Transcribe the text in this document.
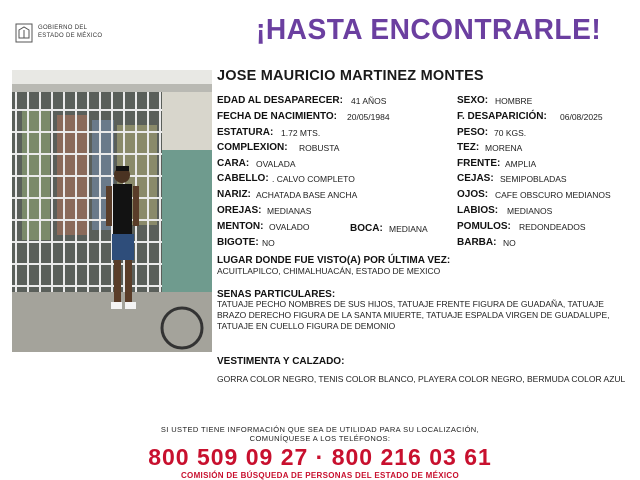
GOBIERNO DEL
ESTADO DE MÉXICO	¡HASTA ENCONTRARLE!
JOSE MAURICIO MARTINEZ MONTES
EDAD AL DESAPARECER: 41 AÑOS
FECHA DE NACIMIENTO: 20/05/1984
ESTATURA: 1.72 MTS.
COMPLEXION: ROBUSTA
CARA: OVALADA
CABELLO: . CALVO COMPLETO
NARIZ: ACHATADA BASE ANCHA
OREJAS: MEDIANAS
MENTON: OVALADO	BOCA: MEDIANA
BIGOTE: NO
SEXO: HOMBRE
F. DESAPARICIÓN: 06/08/2025
PESO: 70 KGS.
TEZ: MORENA
FRENTE: AMPLIA
CEJAS: SEMIPOBLADAS
OJOS: CAFE OBSCURO MEDIANOS
LABIOS: MEDIANOS
POMULOS: REDONDEADOS
BARBA: NO
LUGAR DONDE FUE VISTO(A) POR ÚLTIMA VEZ:
ACUITLAPILCO, CHIMALHUACÁN, ESTADO DE MEXICO
SENAS PARTICULARES:
TATUAJE PECHO NOMBRES DE SUS HIJOS, TATUAJE FRENTE FIGURA DE GUADAÑA, TATUAJE BRAZO DERECHO FIGURA DE LA SANTA MIUERTE, TATUAJE ESPALDA VIRGEN DE GUADALUPE, TATUAJE EN CUELLO FIGURA DE DEMONIO
VESTIMENTA Y CALZADO:
GORRA COLOR NEGRO, TENIS COLOR BLANCO, PLAYERA COLOR NEGRO, BERMUDA COLOR AZUL
SI USTED TIENE INFORMACIÓN QUE SEA DE UTILIDAD PARA SU LOCALIZACIÓN,
COMUNÍQUESE A LOS TELÉFONOS:
800 509 09 27 · 800 216 03 61
COMISIÓN DE BÚSQUEDA DE PERSONAS DEL ESTADO DE MÉXICO
